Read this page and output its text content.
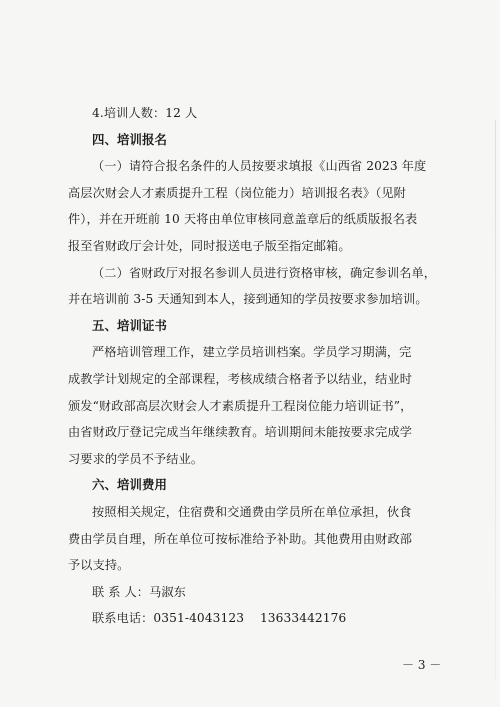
4.培训人数：12 人
四、培训报名
（一）请符合报名条件的人员按要求填报《山西省 2023 年度
高层次财会人才素质提升工程（岗位能力）培训报名表》（见附
件），并在开班前 10 天将由单位审核同意盖章后的纸质版报名表
报至省财政厅会计处，同时报送电子版至指定邮箱。
（二）省财政厅对报名参训人员进行资格审核，确定参训名单，
并在培训前 3-5 天通知到本人，接到通知的学员按要求参加培训。
五、培训证书
严格培训管理工作，建立学员培训档案。学员学习期满，完
成教学计划规定的全部课程，考核成绩合格者予以结业，结业时
颁发“财政部高层次财会人才素质提升工程岗位能力培训证书”，
由省财政厅登记完成当年继续教育。培训期间未能按要求完成学
习要求的学员不予结业。
六、培训费用
按照相关规定，住宿费和交通费由学员所在单位承担，伙食
费由学员自理，所在单位可按标准给予补助。其他费用由财政部
予以支持。
联 系 人：马淑东
联系电话：0351-4043123    13633442176
－ 3 －
